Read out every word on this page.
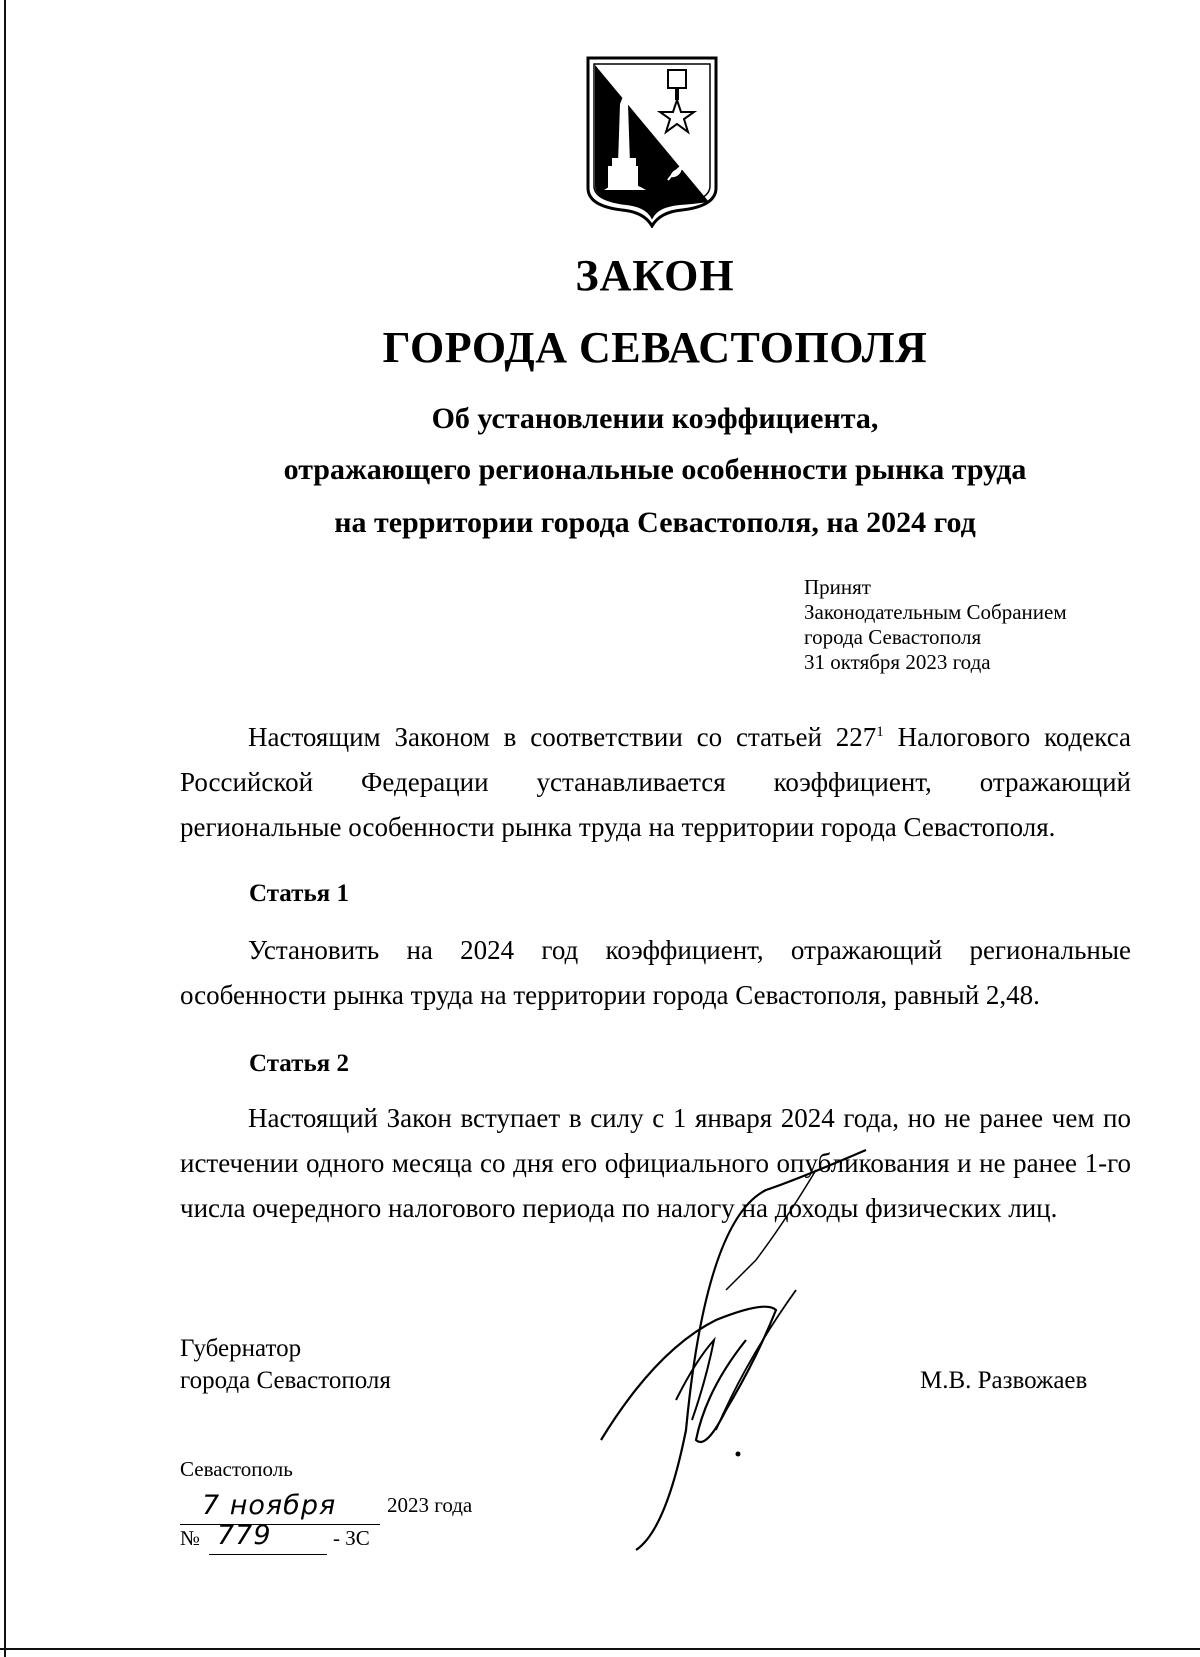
ЗАКОН
ГОРОДА СЕВАСТОПОЛЯ
Об установлении коэффициента,
отражающего региональные особенности рынка труда
на территории города Севастополя, на 2024 год
Принят
Законодательным Собранием
города Севастополя
31 октября 2023 года
Настоящим Законом в соответствии со статьей $227^1$ Налогового кодекса Российской Федерации устанавливается коэффициент, отражающий региональные особенности рынка труда на территории города Севастополя.
Статья 1
Установить на 2024 год коэффициент, отражающий региональные особенности рынка труда на территории города Севастополя, равный 2,48.
Статья 2
Настоящий Закон вступает в силу с 1 января 2024 года, но не ранее чем по истечении одного месяца со дня его официального опубликования и не ранее 1-го числа очередного налогового периода по налогу на доходы физических лиц.
Губернатор
города Севастополя	М.В. Развожаев
Севастополь
7 ноября 2023 года
№ 779	- ЗС
